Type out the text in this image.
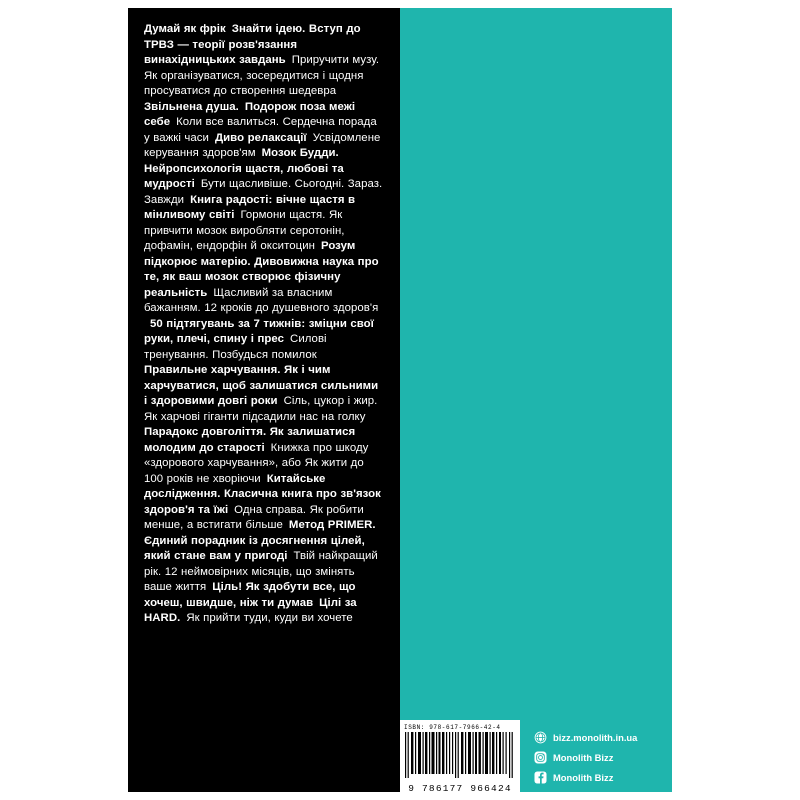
Думай як фрік Знайти ідею. Вступ до ТРВЗ — теорії розв'язання винахідницьких завдань Приручити музу. Як організуватися, зосередитися і щодня просуватися до створення шедевра Звільнена душа. Подорож поза межі себе Коли все валиться. Сердечна порада у важкі часи Диво релаксації Усвідомлене керування здоров'ям Мозок Будди. Нейропсихологія щастя, любові та мудрості Бути щасливіше. Сьогодні. Зараз. Завжди Книга радості: вічне щастя в мінливому світі Гормони щастя. Як привчити мозок виробляти серотонін, дофамін, ендорфін й окситоцин Розум підкорює матерію. Дивовижна наука про те, як ваш мозок створює фізичну реальність Щасливий за власним бажанням. 12 кроків до душевного здоров'я 50 підтягувань за 7 тижнів: зміцни свої руки, плечі, спину і прес Силові тренування. Позбудься помилок Правильне харчування. Як і чим харчуватися, щоб залишатися сильними і здоровими довгі роки Сіль, цукор і жир. Як харчові гіганти підсадили нас на голку Парадокс довголіття. Як залишатися молодим до старості Книжка про шкоду «здорового харчування», або Як жити до 100 років не хворіючи Китайське дослідження. Класична книга про зв'язок здоров'я та їжі Одна справа. Як робити менше, а встигати більше Метод PRIMER. Єдиний порадник із досягнення цілей, який стане вам у пригоді Твій найкращий рік. 12 неймовірних місяців, що змінять ваше життя Ціль! Як здобути все, що хочеш, швидше, ніж ти думав Цілі за HARD. Як прийти туди, куди ви хочете
ISBN: 978-617-7966-42-4
9 786177 966424
bizz.monolith.in.ua
Monolith Bizz
Monolith Bizz
